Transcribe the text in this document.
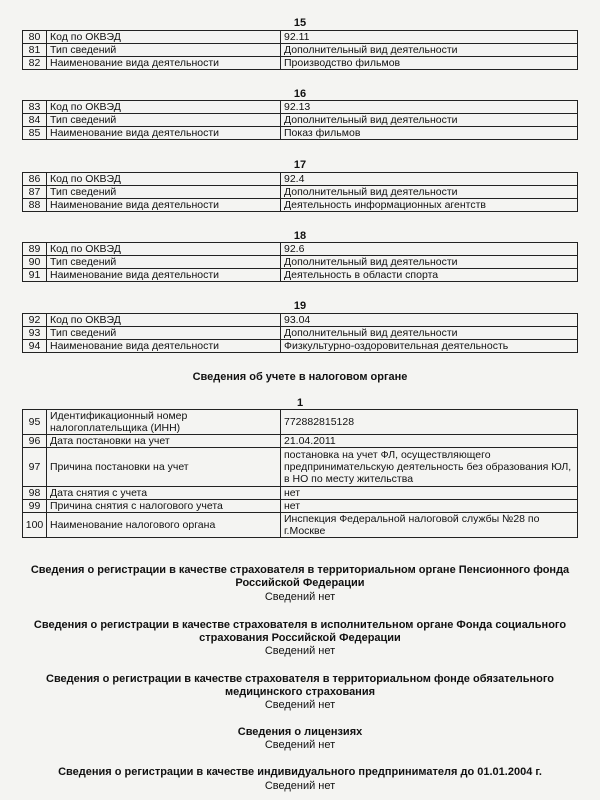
15
80	Код по ОКВЭД	92.11
81	Тип сведений	Дополнительный вид деятельности
82	Наименование вида деятельности	Производство фильмов
16
83	Код по ОКВЭД	92.13
84	Тип сведений	Дополнительный вид деятельности
85	Наименование вида деятельности	Показ фильмов
17
86	Код по ОКВЭД	92.4
87	Тип сведений	Дополнительный вид деятельности
88	Наименование вида деятельности	Деятельность информационных агентств
18
89	Код по ОКВЭД	92.6
90	Тип сведений	Дополнительный вид деятельности
91	Наименование вида деятельности	Деятельность в области спорта
19
92	Код по ОКВЭД	93.04
93	Тип сведений	Дополнительный вид деятельности
94	Наименование вида деятельности	Физкультурно-оздоровительная деятельность
Сведения об учете в налоговом органе
1
95	Идентификационный номер налогоплательщика (ИНН)	772882815128
96	Дата постановки на учет	21.04.2011
97	Причина постановки на учет	постановка на учет ФЛ, осуществляющего предпринимательскую деятельность без образования ЮЛ, в НО по месту жительства
98	Дата снятия с учета	нет
99	Причина снятия с налогового учета	нет
100	Наименование налогового органа	Инспекция Федеральной налоговой службы №28 по г.Москве
Сведения о регистрации в качестве страхователя в территориальном органе Пенсионного фонда Российской Федерации
Сведений нет
Сведения о регистрации в качестве страхователя в исполнительном органе Фонда социального страхования Российской Федерации
Сведений нет
Сведения о регистрации в качестве страхователя в территориальном фонде обязательного медицинского страхования
Сведений нет
Сведения о лицензиях
Сведений нет
Сведения о регистрации в качестве индивидуального предпринимателя до 01.01.2004 г.
Сведений нет
